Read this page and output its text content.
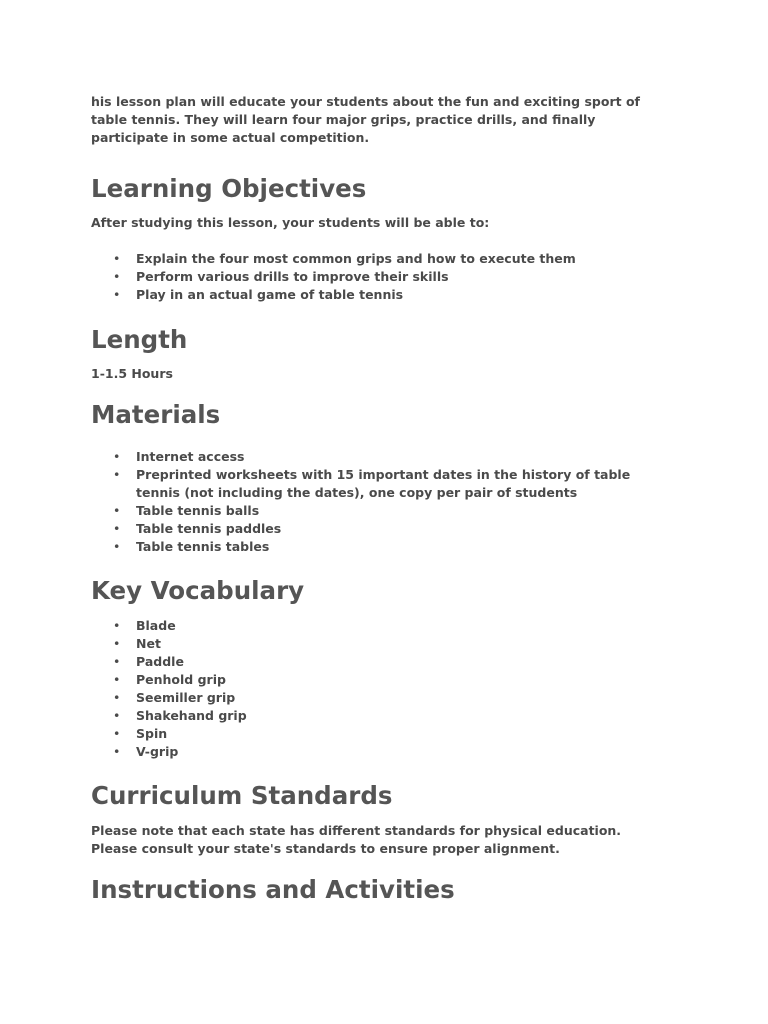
his lesson plan will educate your students about the fun and exciting sport of table tennis. They will learn four major grips, practice drills, and finally participate in some actual competition.

Learning Objectives

After studying this lesson, your students will be able to:

• Explain the four most common grips and how to execute them
• Perform various drills to improve their skills
• Play in an actual game of table tennis
Length

1-1.5 Hours

Materials
• Internet access
• Preprinted worksheets with 15 important dates in the history of table tennis (not including the dates), one copy per pair of students
• Table tennis balls
• Table tennis paddles
• Table tennis tables
Key Vocabulary
• Blade
• Net
• Paddle
• Penhold grip
• Seemiller grip
• Shakehand grip
• Spin
• V-grip
Curriculum Standards

Please note that each state has different standards for physical education. Please consult your state's standards to ensure proper alignment.

Instructions and Activities
